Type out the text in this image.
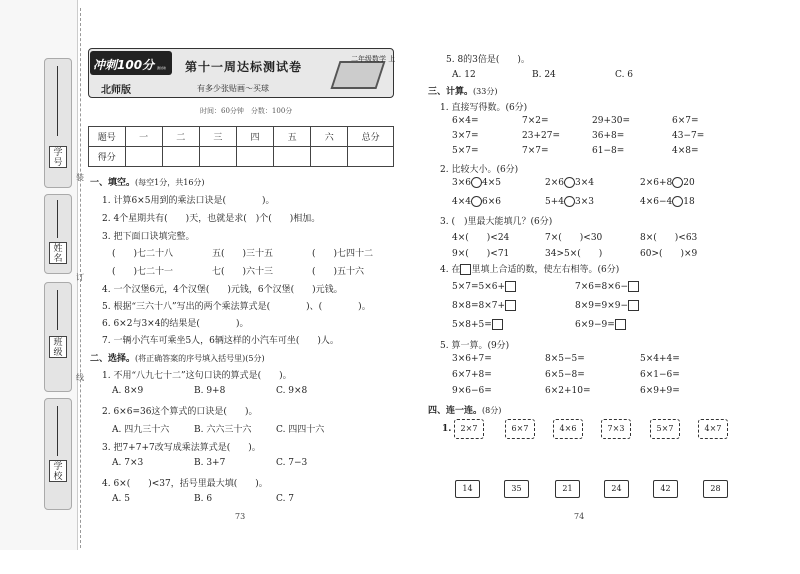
学号
姓名
班级
学校
装
订
线
冲刺100分 测试卷
北师版
第十一周达标测试卷
二年级数学 上
有多少张贴画～买球
时间：60分钟　分数：100分
题号	一	二	三	四	五	六	总分
得分							
一、填空。(每空1分，共16分)
1. 计算6×5用到的乘法口诀是(　　　　)。
2. 4个星期共有(　　)天，也就是求(　)个(　　)相加。
3. 把下面口诀填完整。
(　　)七二十八	五(　　)三十五	(　　)七四十二
(　　)七二十一	七(　　)六十三	(　　)五十六
4. 一个汉堡6元，4个汉堡(　　)元钱，6个汉堡(　　)元钱。
5. 根据“三六十八”写出的两个乘法算式是(　　　　)、(　　　　)。
6. 6×2与3×4的结果是(　　　　)。
7. 一辆小汽车可乘坐5人，6辆这样的小汽车可坐(　　)人。
二、选择。(将正确答案的序号填入括号里)(5分)
1. 不用“八九七十二”这句口诀的算式是(　　)。
A. 8×9	B. 9+8	C. 9×8
2. 6×6=36这个算式的口诀是(　　)。
A. 四九三十六	B. 六六三十六	C. 四四十六
3. 把7+7+7改写成乘法算式是(　　)。
A. 7×3	B. 3+7	C. 7−3
4. 6×(　　)<37，括号里最大填(　　)。
A. 5	B. 6	C. 7
73
5. 8的3倍是(　　)。
A. 12	B. 24	C. 6
三、计算。(33分)
1. 直接写得数。(6分)
6×4=	7×2=	29+30=	6×7=
3×7=	23+27=	36+8=	43−7=
5×7=	7×7=	61−8=	4×8=
2. 比较大小。(6分)
3×6 4×5	2×6 3×4	2×6+8 20
4×4 6×6	5+4 3×3	4×6−4 18
3. (　)里最大能填几？(6分)
4×(　　)<24	7×(　　)<30	8×(　　)<63
9×(　　)<71	34>5×(　　)	60>(　　)×9
4. 在 里填上合适的数，使左右相等。(6分)
5×7=5×6+	7×6=8×6−
8×8=8×7+	8×9=9×9−
5×8+5=	6×9−9=
5. 算一算。(9分)
3×6+7=	8×5−5=	5×4+4=
6×7+8=	6×5−8=	6×1−6=
9×6−6=	6×2+10=	6×9+9=
四、连一连。(8分)
1.	2×7	6×7	4×6	7×3	5×7	4×7
14	35	21	24	42	28
74
